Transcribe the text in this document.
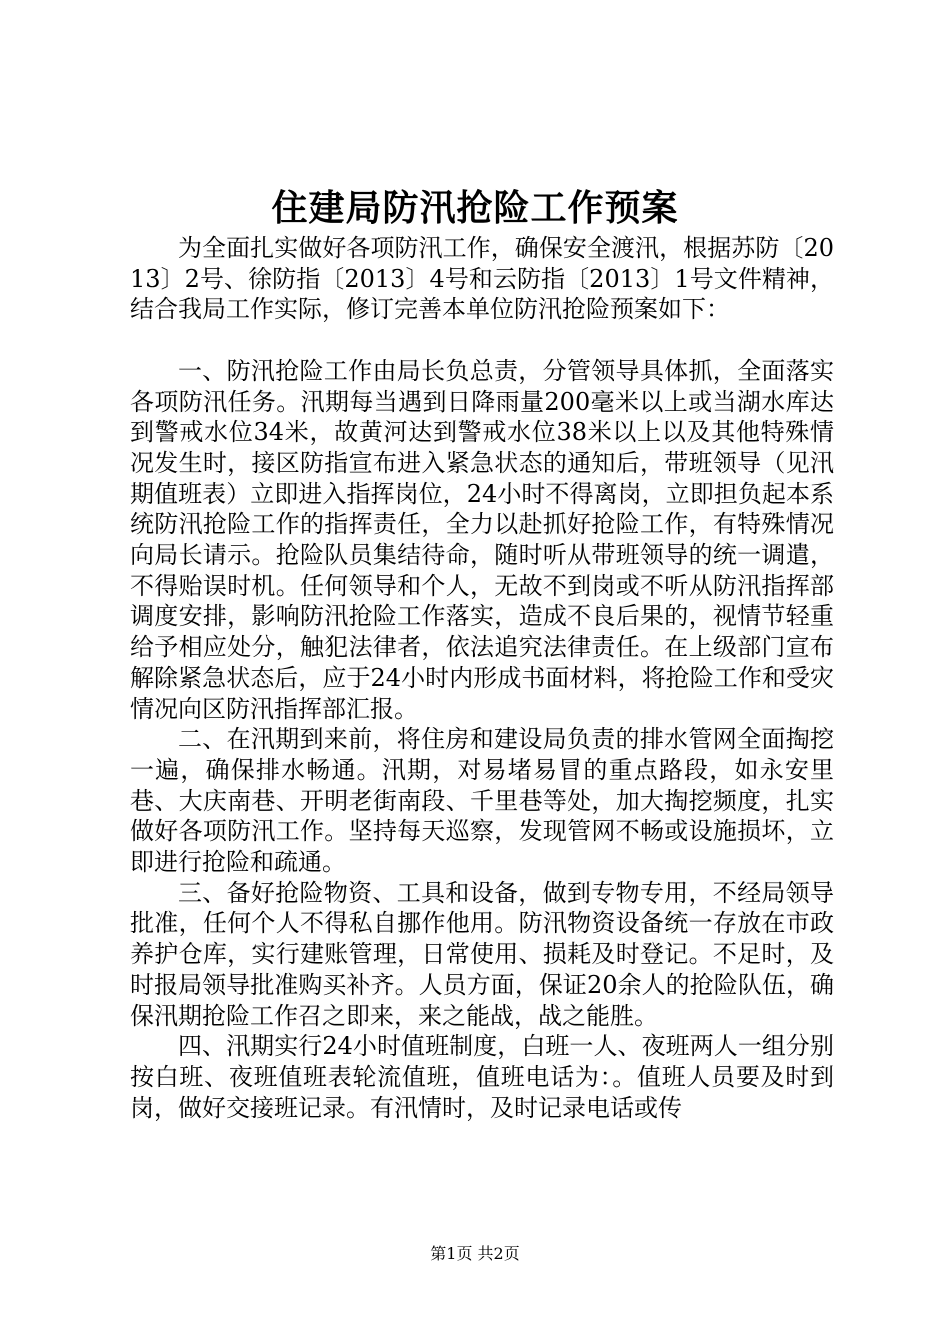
住建局防汛抢险工作预案

为全面扎实做好各项防汛工作，确保安全渡汛，根据苏防〔2013〕2号、徐防指〔2013〕4号和云防指〔2013〕1号文件精神，结合我局工作实际，修订完善本单位防汛抢险预案如下：

一、防汛抢险工作由局长负总责，分管领导具体抓，全面落实各项防汛任务。汛期每当遇到日降雨量200毫米以上或当湖水库达到警戒水位34米，故黄河达到警戒水位38米以上以及其他特殊情况发生时，接区防指宣布进入紧急状态的通知后，带班领导（见汛期值班表）立即进入指挥岗位，24小时不得离岗，立即担负起本系统防汛抢险工作的指挥责任，全力以赴抓好抢险工作，有特殊情况向局长请示。抢险队员集结待命，随时听从带班领导的统一调遣，不得贻误时机。任何领导和个人，无故不到岗或不听从防汛指挥部调度安排，影响防汛抢险工作落实，造成不良后果的，视情节轻重给予相应处分，触犯法律者，依法追究法律责任。在上级部门宣布解除紧急状态后，应于24小时内形成书面材料，将抢险工作和受灾情况向区防汛指挥部汇报。

二、在汛期到来前，将住房和建设局负责的排水管网全面掏挖一遍，确保排水畅通。汛期，对易堵易冒的重点路段，如永安里巷、大庆南巷、开明老街南段、千里巷等处，加大掏挖频度，扎实做好各项防汛工作。坚持每天巡察，发现管网不畅或设施损坏，立即进行抢险和疏通。

三、备好抢险物资、工具和设备，做到专物专用，不经局领导批准，任何个人不得私自挪作他用。防汛物资设备统一存放在市政养护仓库，实行建账管理，日常使用、损耗及时登记。不足时，及时报局领导批准购买补齐。人员方面，保证20余人的抢险队伍，确保汛期抢险工作召之即来，来之能战，战之能胜。

四、汛期实行24小时值班制度，白班一人、夜班两人一组分别按白班、夜班值班表轮流值班，值班电话为：。值班人员要及时到岗，做好交接班记录。有汛情时，及时记录电话或传

第1页 共2页
